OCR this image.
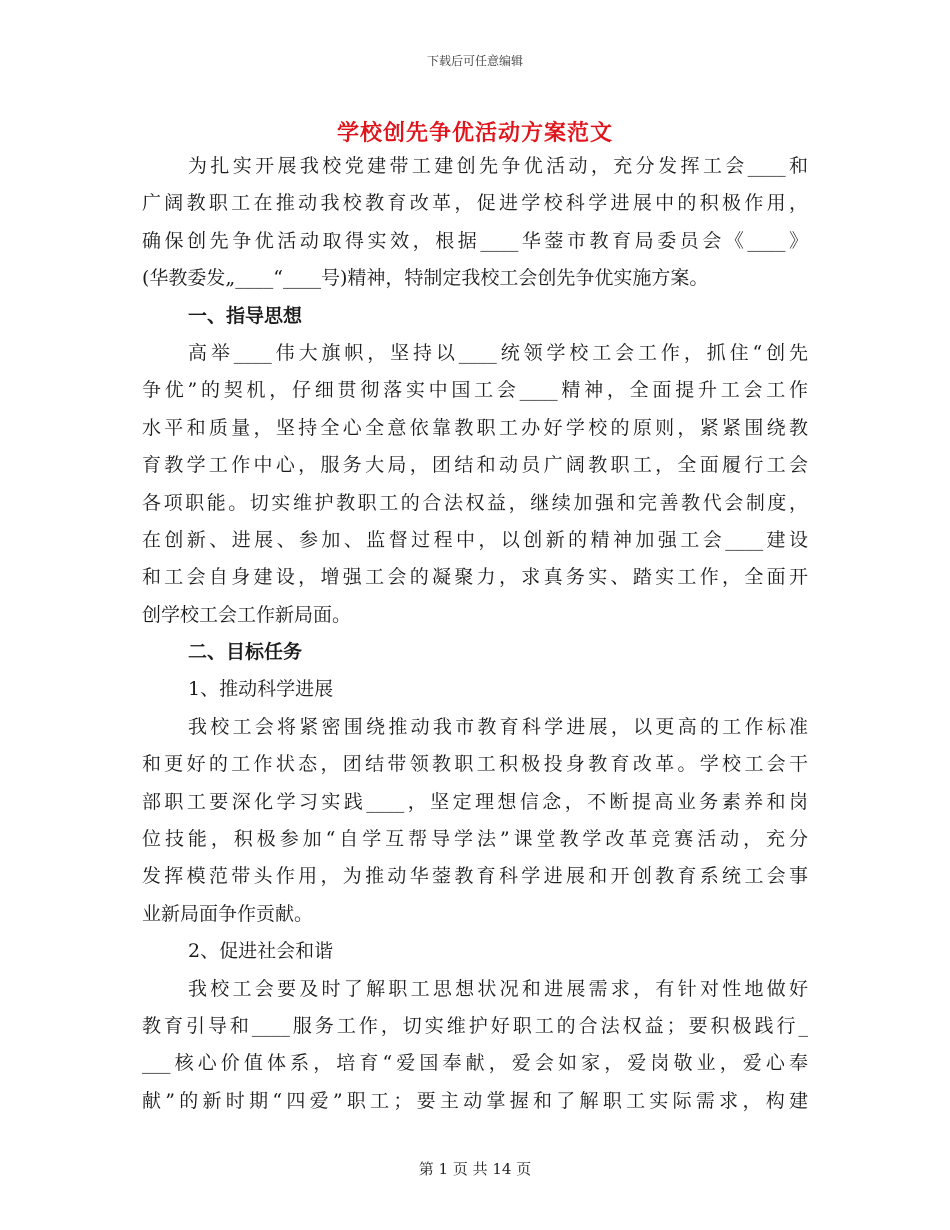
下载后可任意编辑
学校创先争优活动方案范文
为扎实开展我校党建带工建创先争优活动，充分发挥工会____和
广阔教职工在推动我校教育改革，促进学校科学进展中的积极作用，
确保创先争优活动取得实效，根据____华蓥市教育局委员会《____》
(华教委发„____“____号)精神，特制定我校工会创先争优实施方案。
一、指导思想
高举____伟大旗帜，坚持以____统领学校工会工作，抓住“创先
争优”的契机，仔细贯彻落实中国工会____精神，全面提升工会工作
水平和质量，坚持全心全意依靠教职工办好学校的原则，紧紧围绕教
育教学工作中心，服务大局，团结和动员广阔教职工，全面履行工会
各项职能。切实维护教职工的合法权益，继续加强和完善教代会制度，
在创新、进展、参加、监督过程中，以创新的精神加强工会____建设
和工会自身建设，增强工会的凝聚力，求真务实、踏实工作，全面开
创学校工会工作新局面。
二、目标任务
1、推动科学进展
我校工会将紧密围绕推动我市教育科学进展，以更高的工作标准
和更好的工作状态，团结带领教职工积极投身教育改革。学校工会干
部职工要深化学习实践____，坚定理想信念，不断提高业务素养和岗
位技能，积极参加“自学互帮导学法”课堂教学改革竞赛活动，充分
发挥模范带头作用，为推动华蓥教育科学进展和开创教育系统工会事
业新局面争作贡献。
2、促进社会和谐
我校工会要及时了解职工思想状况和进展需求，有针对性地做好
教育引导和____服务工作，切实维护好职工的合法权益；要积极践行_
___核心价值体系，培育“爱国奉献，爱会如家，爱岗敬业，爱心奉
献”的新时期“四爱”职工；要主动掌握和了解职工实际需求，构建
第 1 页 共 14 页
